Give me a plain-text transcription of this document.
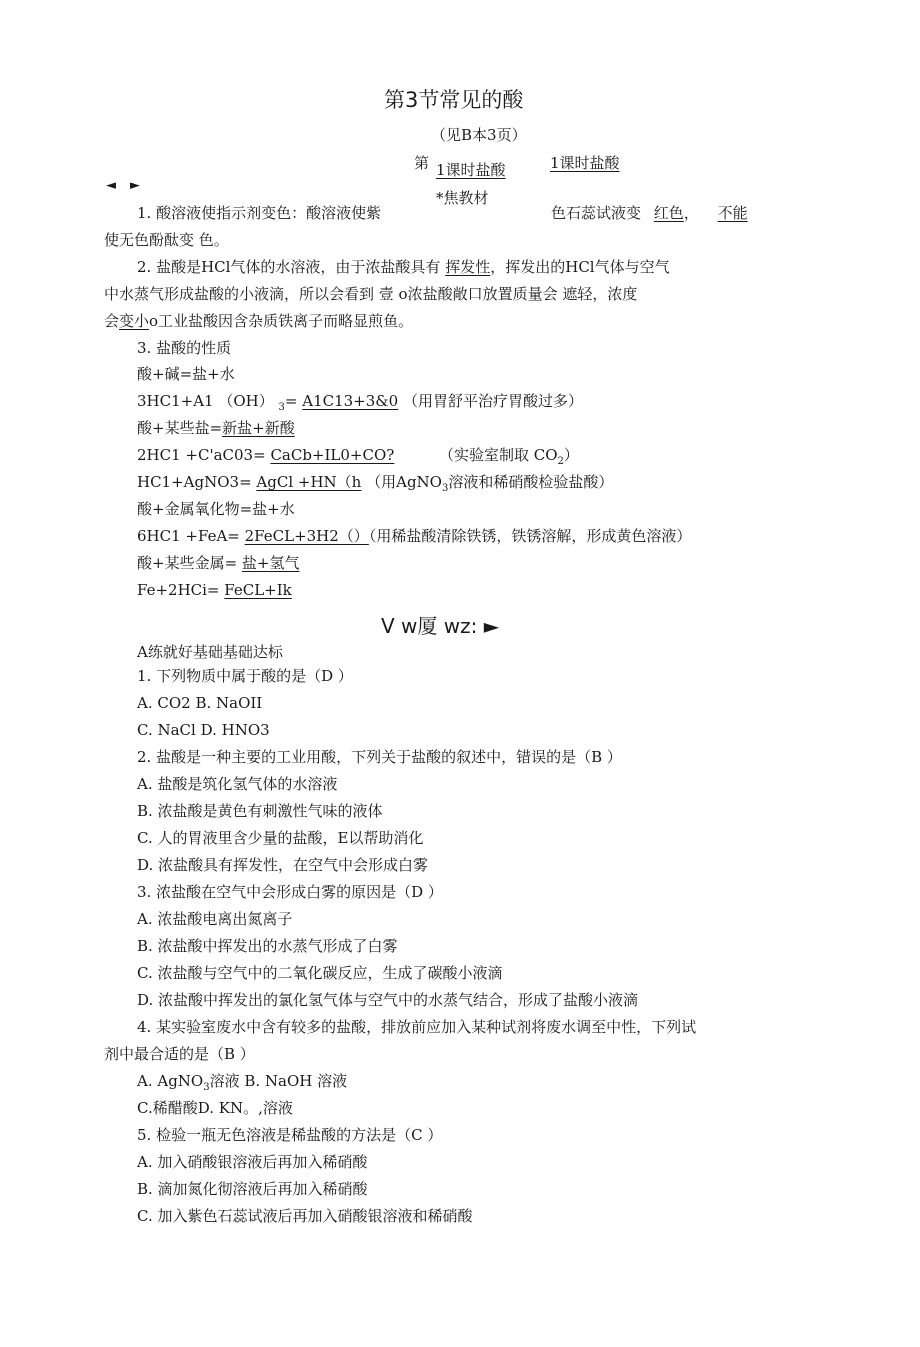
第3节常见的酸
（见B本3页）
第 1课时盐酸	1课时盐酸
◄ ►
*焦教材
1. 酸溶液使指示剂变色：酸溶液使紫	色石蕊试液变 红色， 不能
使无色酚酞变 色。
2. 盐酸是HCl气体的水溶液，由于浓盐酸具有 挥发性，挥发出的HCl气体与空气
中水蒸气形成盐酸的小液滴，所以会看到 壹 o浓盐酸敞口放置质量会 遮轻，浓度
会变小o工业盐酸因含杂质铁离子而略显煎鱼。
3. 盐酸的性质
酸+碱=盐+水
3HC1+A1 （OH） $_3$= A1C13+3&0 （用胃舒平治疗胃酸过多）
酸+某些盐=新盐+新酸
2HC1 +C'aC03= CaCb+IL0+CO?	（实验室制取 $CO_2$）
HC1+AgNO3= AgCl +HN（h （用AgNO$_3$溶液和稀硝酸检验盐酸）
酸+金属氧化物=盐+水
6HC1 +FeA= 2FeCL+3H2（）（用稀盐酸清除铁锈，铁锈溶解，形成黄色溶液）
酸+某些金属= 盐+氢气
Fe+2HCi= FeCL+Ik
V w厦 wz: ►
A练就好基础基础达标
1. 下列物质中属于酸的是（D ）
A. CO2 B. NaOII
C. NaCl D. HNO3
2. 盐酸是一种主要的工业用酸，下列关于盐酸的叙述中，错误的是（B ）
A. 盐酸是筑化氢气体的水溶液
B. 浓盐酸是黄色有刺激性气味的液体
C. 人的胃液里含少量的盐酸，E以帮助消化
D. 浓盐酸具有挥发性，在空气中会形成白雾
3. 浓盐酸在空气中会形成白雾的原因是（D ）
A. 浓盐酸电离出氮离子
B. 浓盐酸中挥发出的水蒸气形成了白雾
C. 浓盐酸与空气中的二氧化碳反应，生成了碳酸小液滴
D. 浓盐酸中挥发出的氯化氢气体与空气中的水蒸气结合，形成了盐酸小液滴
4. 某实验室废水中含有较多的盐酸，排放前应加入某种试剂将废水调至中性，下列试
剂中最合适的是（B ）
A. AgNO$_3$溶液 B. NaOH 溶液
C.稀醋酸D. KN。,溶液
5. 检验一瓶无色溶液是稀盐酸的方法是（C ）
A. 加入硝酸银溶液后再加入稀硝酸
B. 滴加氮化彻溶液后再加入稀硝酸
C. 加入紫色石蕊试液后再加入硝酸银溶液和稀硝酸
